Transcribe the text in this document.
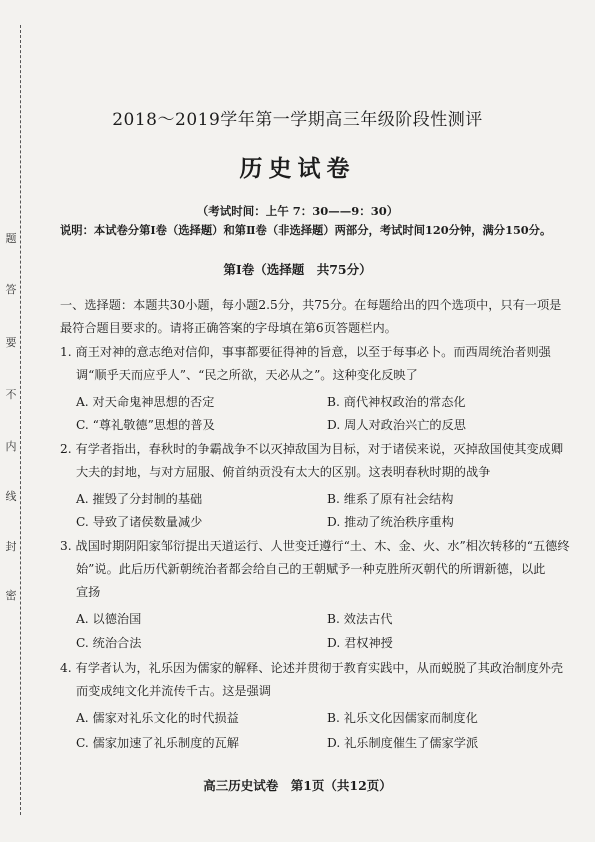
题
答
要
不
内
线
封
密
2018～2019学年第一学期高三年级阶段性测评
历史试卷
（考试时间：上午 7：30——9：30）
说明：本试卷分第Ⅰ卷（选择题）和第Ⅱ卷（非选择题）两部分，考试时间120分钟，满分150分。
第Ⅰ卷（选择题　共75分）
一、选择题：本题共30小题，每小题2.5分，共75分。在每题给出的四个选项中，只有一项是
最符合题目要求的。请将正确答案的字母填在第6页答题栏内。
1. 商王对神的意志绝对信仰，事事都要征得神的旨意，以至于每事必卜。而西周统治者则强
调“顺乎天而应乎人”、“民之所欲，天必从之”。这种变化反映了
A. 对天命鬼神思想的否定	B. 商代神权政治的常态化
C. “尊礼敬德”思想的普及	D. 周人对政治兴亡的反思
2. 有学者指出，春秋时的争霸战争不以灭掉敌国为目标，对于诸侯来说，灭掉敌国使其变成卿
大夫的封地，与对方屈服、俯首纳贡没有太大的区别。这表明春秋时期的战争
A. 摧毁了分封制的基础	B. 维系了原有社会结构
C. 导致了诸侯数量减少	D. 推动了统治秩序重构
3. 战国时期阴阳家邹衍提出天道运行、人世变迁遵行“土、木、金、火、水”相次转移的“五德终
始”说。此后历代新朝统治者都会给自己的王朝赋予一种克胜所灭朝代的所谓新德，以此
宣扬
A. 以德治国	B. 效法古代
C. 统治合法	D. 君权神授
4. 有学者认为，礼乐因为儒家的解释、论述并贯彻于教育实践中，从而蜕脱了其政治制度外壳
而变成纯文化并流传千古。这是强调
A. 儒家对礼乐文化的时代损益	B. 礼乐文化因儒家而制度化
C. 儒家加速了礼乐制度的瓦解	D. 礼乐制度催生了儒家学派
高三历史试卷　第1页（共12页）
